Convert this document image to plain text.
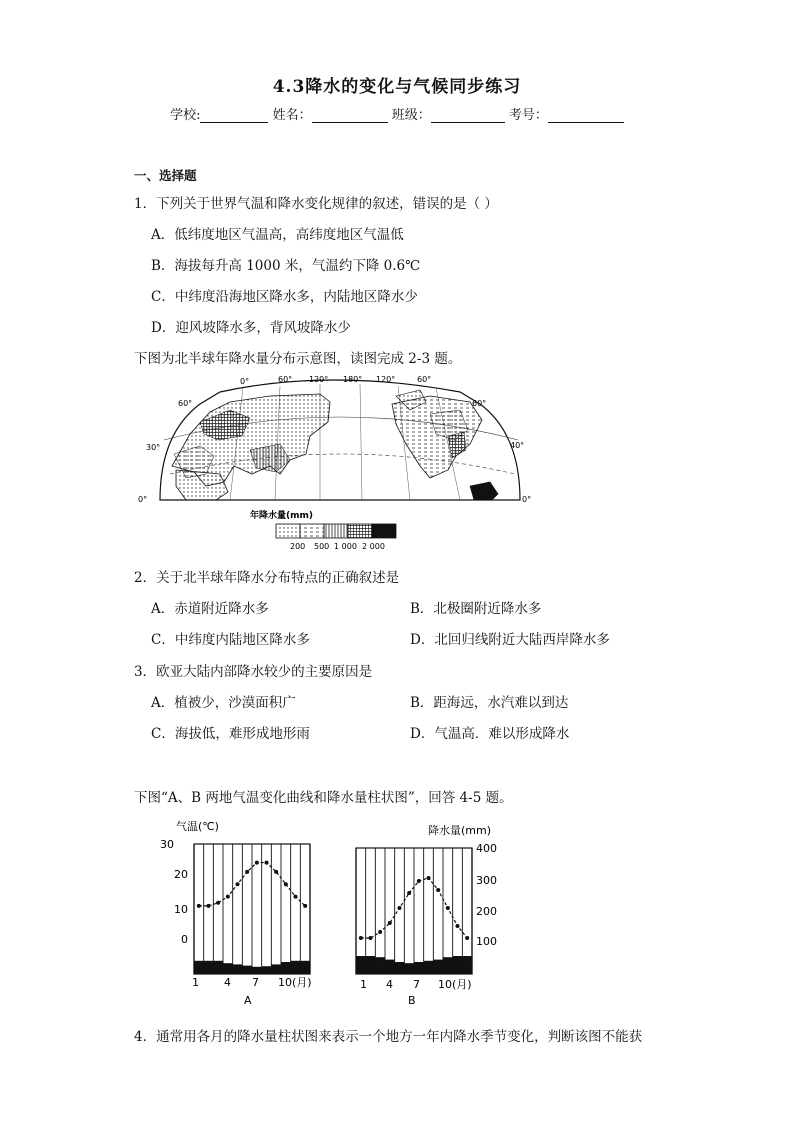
4.3降水的变化与气候同步练习
学校:	姓名：	班级：	考号：
一、选择题
1．下列关于世界气温和降水变化规律的叙述，错误的是（ ）
A．低纬度地区气温高，高纬度地区气温低
B．海拔每升高 1000 米，气温约下降 0.6℃
C．中纬度沿海地区降水多，内陆地区降水少
D．迎风坡降水多，背风坡降水少
下图为北半球年降水量分布示意图，读图完成 2-3 题。
0°	60° 120° 180° 120°	60°
60°
30°
0°
60°
40°
0°
年降水量(mm)
200 500 1 000 2 000
2．关于北半球年降水分布特点的正确叙述是
A．赤道附近降水多	B．北极圈附近降水多
C．中纬度内陆地区降水多	D．北回归线附近大陆西岸降水多
3．欧亚大陆内部降水较少的主要原因是
A．植被少，沙漠面积广	B．距海远，水汽难以到达
C．海拔低，难形成地形雨	D．气温高．难以形成降水
下图“A、B 两地气温变化曲线和降水量柱状图”，回答 4-5 题。
气温(℃)
30
20
10
0
1 4 7 10(月)
A
降水量(mm)
400
300
200
100
1 4 7 10(月)
B
4．通常用各月的降水量柱状图来表示一个地方一年内降水季节变化，判断该图不能获
